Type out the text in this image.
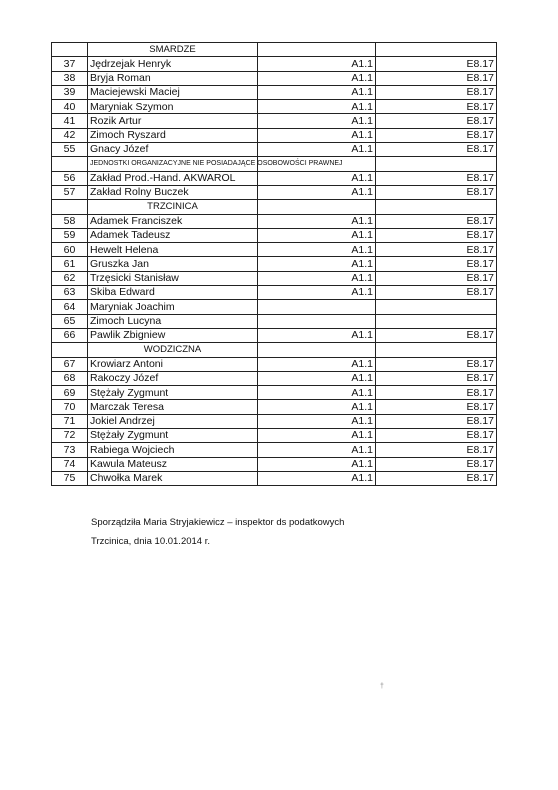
	SMARDZE		
37	Jędrzejak Henryk	A1.1	E8.17
38	Bryja Roman	A1.1	E8.17
39	Maciejewski Maciej	A1.1	E8.17
40	Maryniak Szymon	A1.1	E8.17
41	Rozik Artur	A1.1	E8.17
42	Zimoch Ryszard	A1.1	E8.17
55	Gnacy Józef	A1.1	E8.17
	JEDNOSTKI ORGANIZACYJNE NIE POSIADAJĄCE OSOBOWOŚCI PRAWNEJ		
56	Zakład Prod.-Hand. AKWAROL	A1.1	E8.17
57	Zakład Rolny Buczek	A1.1	E8.17
	TRZCINICA		
58	Adamek Franciszek	A1.1	E8.17
59	Adamek Tadeusz	A1.1	E8.17
60	Hewelt Helena	A1.1	E8.17
61	Gruszka Jan	A1.1	E8.17
62	Trzęsicki Stanisław	A1.1	E8.17
63	Skiba Edward	A1.1	E8.17
64	Maryniak Joachim		
65	Zimoch Lucyna		
66	Pawlik Zbigniew	A1.1	E8.17
	WODZICZNA		
67	Krowiarz Antoni	A1.1	E8.17
68	Rakoczy Józef	A1.1	E8.17
69	Stężały Zygmunt	A1.1	E8.17
70	Marczak Teresa	A1.1	E8.17
71	Jokiel Andrzej	A1.1	E8.17
72	Stężały Zygmunt	A1.1	E8.17
73	Rabiega Wojciech	A1.1	E8.17
74	Kawula Mateusz	A1.1	E8.17
75	Chwołka Marek	A1.1	E8.17
Sporządziła Maria Stryjakiewicz – inspektor ds podatkowych
Trzcinica, dnia 10.01.2014 r.
†
